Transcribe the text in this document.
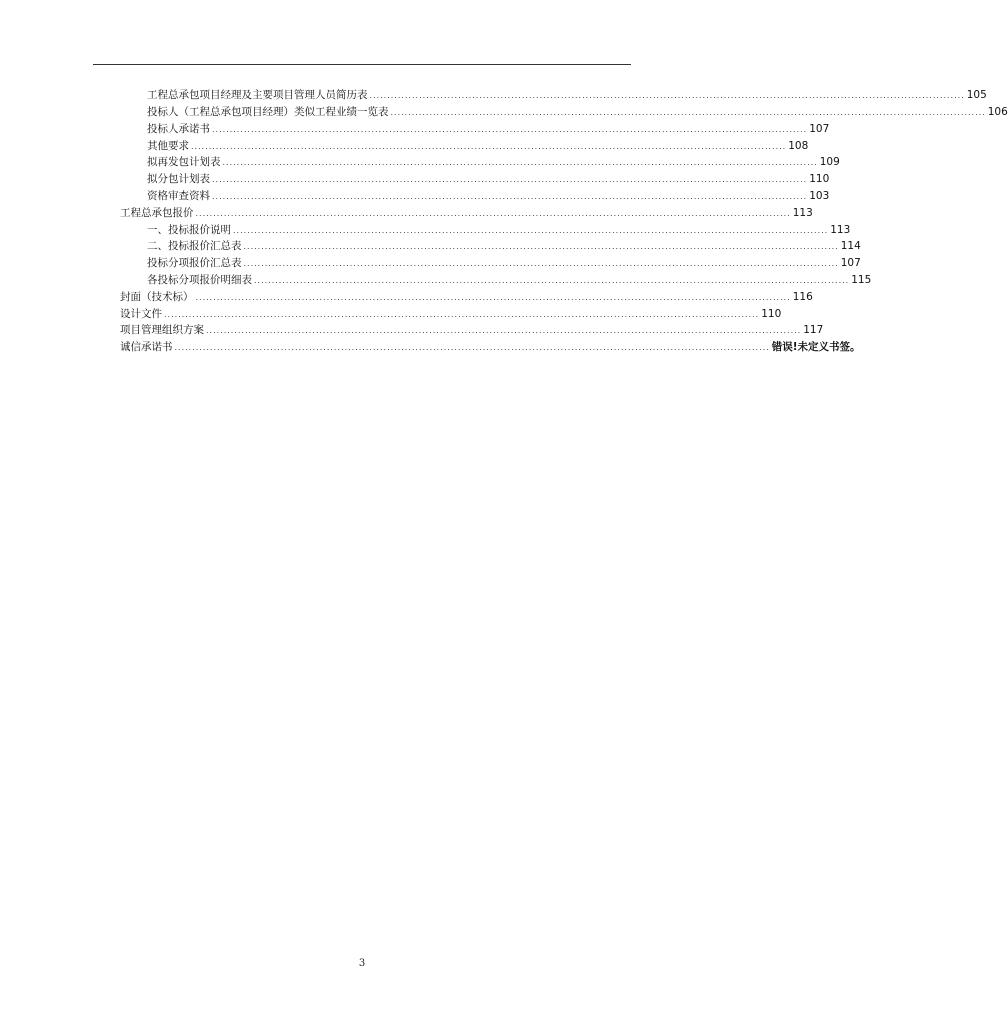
工程总承包项目经理及主要项目管理人员简历表 ........................................................................................................................................................................ 105
投标人（工程总承包项目经理）类似工程业绩一览表 ........................................................................................................................................................................ 106
投标人承诺书 ........................................................................................................................................................................ 107
其他要求 ........................................................................................................................................................................ 108
拟再发包计划表 ........................................................................................................................................................................ 109
拟分包计划表 ........................................................................................................................................................................ 110
资格审查资料 ........................................................................................................................................................................ 103
工程总承包报价 ........................................................................................................................................................................ 113
一、投标报价说明 ........................................................................................................................................................................ 113
二、投标报价汇总表 ........................................................................................................................................................................ 114
投标分项报价汇总表 ........................................................................................................................................................................ 107
各投标分项报价明细表 ........................................................................................................................................................................ 115
封面（技术标） ........................................................................................................................................................................ 116
设计文件 ........................................................................................................................................................................ 110
项目管理组织方案 ........................................................................................................................................................................ 117
诚信承诺书 ........................................................................................................................................................................ 错误!未定义书签。
3
